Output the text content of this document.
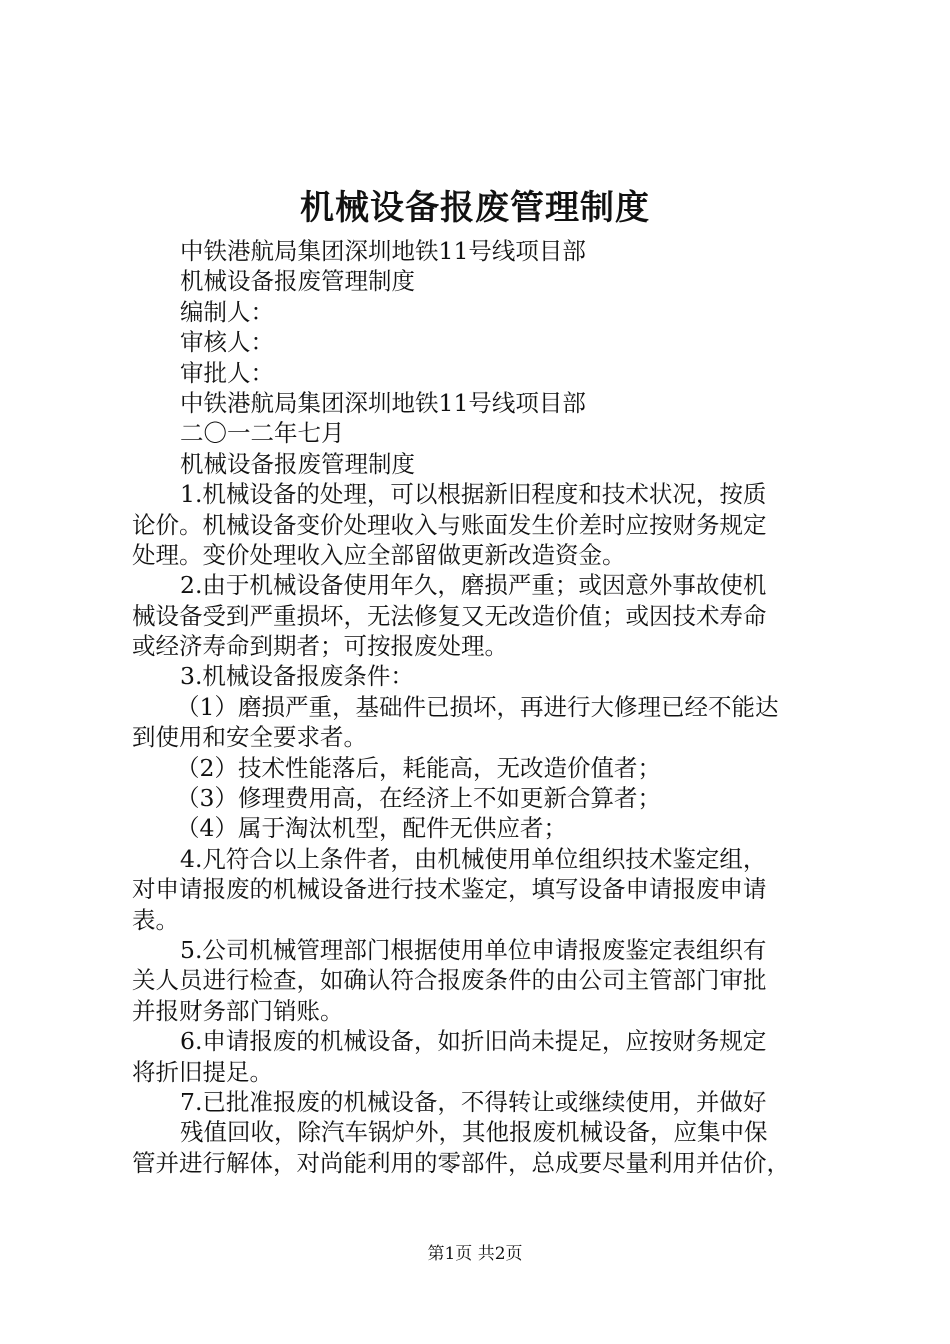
机械设备报废管理制度
中铁港航局集团深圳地铁11号线项目部
机械设备报废管理制度
编制人：
审核人：
审批人：
中铁港航局集团深圳地铁11号线项目部
二〇一二年七月
机械设备报废管理制度
1.机械设备的处理，可以根据新旧程度和技术状况，按质
论价。机械设备变价处理收入与账面发生价差时应按财务规定
处理。变价处理收入应全部留做更新改造资金。
2.由于机械设备使用年久，磨损严重；或因意外事故使机
械设备受到严重损坏，无法修复又无改造价值；或因技术寿命
或经济寿命到期者；可按报废处理。
3.机械设备报废条件：
（1）磨损严重，基础件已损坏，再进行大修理已经不能达
到使用和安全要求者。
（2）技术性能落后，耗能高，无改造价值者；
（3）修理费用高，在经济上不如更新合算者；
（4）属于淘汰机型，配件无供应者；
4.凡符合以上条件者，由机械使用单位组织技术鉴定组，
对申请报废的机械设备进行技术鉴定，填写设备申请报废申请
表。
5.公司机械管理部门根据使用单位申请报废鉴定表组织有
关人员进行检查，如确认符合报废条件的由公司主管部门审批
并报财务部门销账。
6.申请报废的机械设备，如折旧尚未提足，应按财务规定
将折旧提足。
7.已批准报废的机械设备，不得转让或继续使用，并做好
残值回收，除汽车锅炉外，其他报废机械设备，应集中保
管并进行解体，对尚能利用的零部件，总成要尽量利用并估价，
第1页 共2页
